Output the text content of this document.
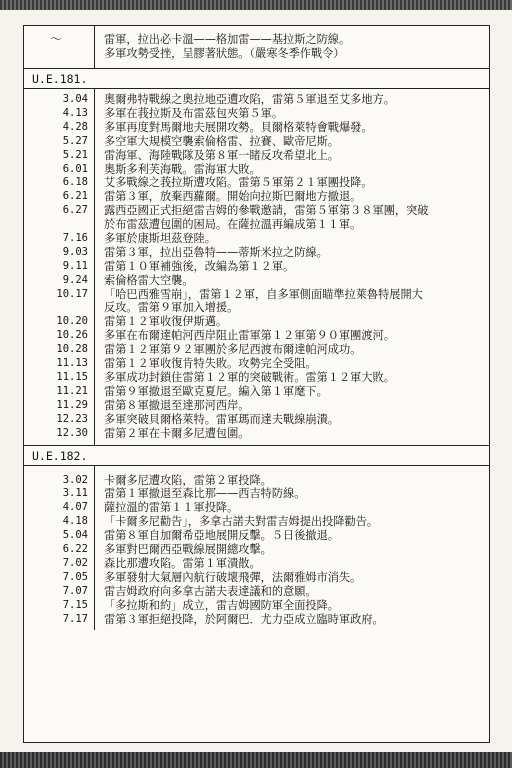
〜	雷軍，拉出必卡溫——格加雷——基拉斯之防線。
多軍攻勢受挫，呈膠著狀態。（嚴寒冬季作戰令）
U.E.181.
3.04 奧爾弗特戰線之奧拉地亞遭攻陷，雷第５軍退至艾多地方。
4.13 多軍在莪拉斯及布雷茲包夾第５軍。
4.28 多軍再度對馬爾地夫展開攻勢。貝爾格萊特會戰爆發。
5.27 多空軍大規模空襲索倫格雷、拉賽、歐帝尼斯。
5.21 雷海軍、海陸戰隊及第８軍一睹反攻希望北上。
6.01 奧斯多利芙海戰。雷海軍大敗。
6.18 艾多戰線之莪拉斯遭攻陷。雷第５軍第２１軍團投降。
6.21 雷第３軍，放棄西蘿爾。開始向拉斯巴爾地方撤退。
6.27 露西亞國正式拒絕雷吉姆的參戰邀請，雷第５軍第３８軍團，突破
於布雷茲遭包圍的困局。在薩拉溫再編成第１１軍。
7.16 多軍於康斯坦茲登陸。
9.03 雷第３軍，拉出亞魯特——蒂斯米拉之防線。
9.11 雷第１０軍補強後，改編為第１２軍。
9.24 索倫格雷大空襲。
10.17 「哈巴西雅雪崩」，雷第１２軍，自多軍側面瞄準拉萊魯特展開大
反攻。雷第９軍加入增援。
10.20 雷第１２軍收復伊斯邁。
10.26 多軍在布爾達帕河西岸阻止雷軍第１２軍第９０軍團渡河。
10.28 雷第１２軍第９２軍團於多尼西渡布爾達帕河成功。
11.13 雷第１２軍收復肯特失敗。攻勢完全受阻。
11.15 多軍成功封鎖住雷第１２軍的突破戰術。雷第１２軍大敗。
11.21 雷第９軍撤退至歐克夏尼。編入第１軍麾下。
11.29 雷第８軍撤退至達那河西岸。
12.23 多軍突破貝爾格萊特。雷軍瑪而達夫戰線崩潰。
12.30 雷第２軍在卡爾多尼遭包圍。
U.E.182.
3.02 卡爾多尼遭攻陷，雷第２軍投降。
3.11 雷第１軍撤退至森比那——西吉特防線。
4.07 薩拉溫的雷第１１軍投降。
4.18 「卡爾多尼勸告」，多拿古諾夫對雷吉姆提出投降勸告。
5.04 雷第８軍自加爾希亞地展開反擊。５日後撤退。
6.22 多軍對巴爾西亞戰線展開總攻擊。
7.02 森比那遭攻陷。雷第１軍潰散。
7.05 多軍發射大氣層內航行破壞飛彈，法爾雅姆市消失。
7.07 雷吉姆政府向多拿古諾夫表達議和的意願。
7.15 「多拉斯和約」成立，雷吉姆國防軍全面投降。
7.17 雷第３軍拒絕投降，於阿爾巴．尤力亞成立臨時軍政府。
